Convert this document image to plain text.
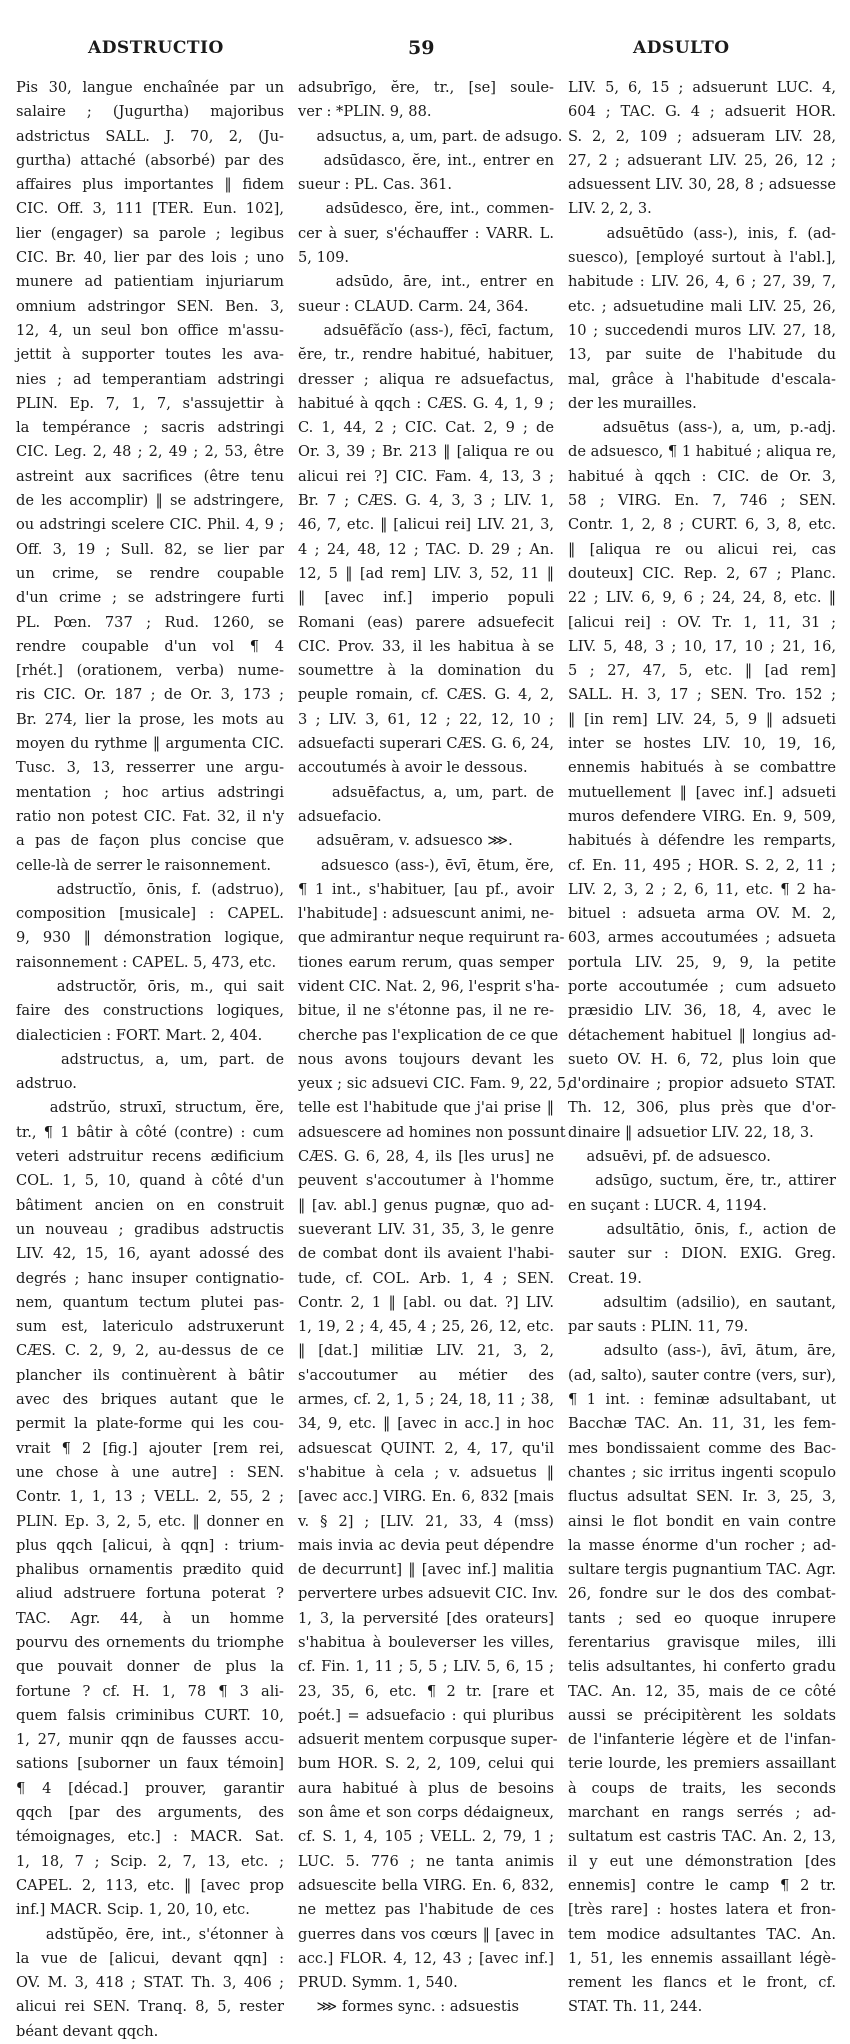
ADSTRUCTIO	59	ADSULTO
Pis 30, langue enchaînée par un
salaire ; (Jugurtha) majoribus
adstrictus SALL. J. 70, 2, (Ju-
gurtha) attaché (absorbé) par des
affaires plus importantes ‖ fidem
CIC. Off. 3, 111 [TER. Eun. 102],
lier (engager) sa parole ; legibus
CIC. Br. 40, lier par des lois ; uno
munere ad patientiam injuriarum
omnium adstringor SEN. Ben. 3,
12, 4, un seul bon office m'assu-
jettit à supporter toutes les ava-
nies ; ad temperantiam adstringi
PLIN. Ep. 7, 1, 7, s'assujettir à
la tempérance ; sacris adstringi
CIC. Leg. 2, 48 ; 2, 49 ; 2, 53, être
astreint aux sacrifices (être tenu
de les accomplir) ‖ se adstringere,
ou adstringi scelere CIC. Phil. 4, 9 ;
Off. 3, 19 ; Sull. 82, se lier par
un crime, se rendre coupable
d'un crime ; se adstringere furti
PL. Pœn. 737 ; Rud. 1260, se
rendre coupable d'un vol ¶ 4
[rhét.] (orationem, verba) nume-
ris CIC. Or. 187 ; de Or. 3, 173 ;
Br. 274, lier la prose, les mots au
moyen du rythme ‖ argumenta CIC.
Tusc. 3, 13, resserrer une argu-
mentation ; hoc artius adstringi
ratio non potest CIC. Fat. 32, il n'y
a pas de façon plus concise que
celle-là de serrer le raisonnement.
adstructĭo, ōnis, f. (adstruo),
composition [musicale] : CAPEL.
9, 930 ‖ démonstration logique,
raisonnement : CAPEL. 5, 473, etc.
adstructŏr, ōris, m., qui sait
faire des constructions logiques,
dialecticien : FORT. Mart. 2, 404.
adstructus, a, um, part. de
adstruo.
adstrŭo, struxī, structum, ĕre,
tr., ¶ 1 bâtir à côté (contre) : cum
veteri adstruitur recens ædificium
COL. 1, 5, 10, quand à côté d'un
bâtiment ancien on en construit
un nouveau ; gradibus adstructis
LIV. 42, 15, 16, ayant adossé des
degrés ; hanc insuper contignatio-
nem, quantum tectum plutei pas-
sum est, latericulo adstruxerunt
CÆS. C. 2, 9, 2, au-dessus de ce
plancher ils continuèrent à bâtir
avec des briques autant que le
permit la plate-forme qui les cou-
vrait ¶ 2 [fig.] ajouter [rem rei,
une chose à une autre] : SEN.
Contr. 1, 1, 13 ; VELL. 2, 55, 2 ;
PLIN. Ep. 3, 2, 5, etc. ‖ donner en
plus qqch [alicui, à qqn] : trium-
phalibus ornamentis prædito quid
aliud adstruere fortuna poterat ?
TAC. Agr. 44, à un homme
pourvu des ornements du triomphe
que pouvait donner de plus la
fortune ? cf. H. 1, 78 ¶ 3 ali-
quem falsis criminibus CURT. 10,
1, 27, munir qqn de fausses accu-
sations [suborner un faux témoin]
¶ 4 [décad.] prouver, garantir
qqch [par des arguments, des
témoignages, etc.] : MACR. Sat.
1, 18, 7 ; Scip. 2, 7, 13, etc. ;
CAPEL. 2, 113, etc. ‖ [avec prop
inf.] MACR. Scip. 1, 20, 10, etc.
adstŭpĕo, ēre, int., s'étonner à
la vue de [alicui, devant qqn] :
OV. M. 3, 418 ; STAT. Th. 3, 406 ;
alicui rei SEN. Tranq. 8, 5, rester
béant devant qqch.
adsubrīgo, ĕre, tr., [se] soule-
ver : *PLIN. 9, 88.
adsuctus, a, um, part. de adsugo.
adsūdasco, ĕre, int., entrer en
sueur : PL. Cas. 361.
adsūdesco, ĕre, int., commen-
cer à suer, s'échauffer : VARR. L.
5, 109.
adsūdo, āre, int., entrer en
sueur : CLAUD. Carm. 24, 364.
adsuēfăcĭo (ass-), fēcī, factum,
ĕre, tr., rendre habitué, habituer,
dresser ; aliqua re adsuefactus,
habitué à qqch : CÆS. G. 4, 1, 9 ;
C. 1, 44, 2 ; CIC. Cat. 2, 9 ; de
Or. 3, 39 ; Br. 213 ‖ [aliqua re ou
alicui rei ?] CIC. Fam. 4, 13, 3 ;
Br. 7 ; CÆS. G. 4, 3, 3 ; LIV. 1,
46, 7, etc. ‖ [alicui rei] LIV. 21, 3,
4 ; 24, 48, 12 ; TAC. D. 29 ; An.
12, 5 ‖ [ad rem] LIV. 3, 52, 11 ‖
‖ [avec inf.] imperio populi
Romani (eas) parere adsuefecit
CIC. Prov. 33, il les habitua à se
soumettre à la domination du
peuple romain, cf. CÆS. G. 4, 2,
3 ; LIV. 3, 61, 12 ; 22, 12, 10 ;
adsuefacti superari CÆS. G. 6, 24,
accoutumés à avoir le dessous.
adsuēfactus, a, um, part. de
adsuefacio.
adsuēram, v. adsuesco ⋙.
adsuesco (ass-), ēvī, ētum, ĕre,
¶ 1 int., s'habituer, [au pf., avoir
l'habitude] : adsuescunt animi, ne-
que admirantur neque requirunt ra-
tiones earum rerum, quas semper
vident CIC. Nat. 2, 96, l'esprit s'ha-
bitue, il ne s'étonne pas, il ne re-
cherche pas l'explication de ce que
nous avons toujours devant les
yeux ; sic adsuevi CIC. Fam. 9, 22, 5,
telle est l'habitude que j'ai prise ‖
adsuescere ad homines non possunt
CÆS. G. 6, 28, 4, ils [les urus] ne
peuvent s'accoutumer à l'homme
‖ [av. abl.] genus pugnæ, quo ad-
sueverant LIV. 31, 35, 3, le genre
de combat dont ils avaient l'habi-
tude, cf. COL. Arb. 1, 4 ; SEN.
Contr. 2, 1 ‖ [abl. ou dat. ?] LIV.
1, 19, 2 ; 4, 45, 4 ; 25, 26, 12, etc.
‖ [dat.] militiæ LIV. 21, 3, 2,
s'accoutumer au métier des
armes, cf. 2, 1, 5 ; 24, 18, 11 ; 38,
34, 9, etc. ‖ [avec in acc.] in hoc
adsuescat QUINT. 2, 4, 17, qu'il
s'habitue à cela ; v. adsuetus ‖
[avec acc.] VIRG. En. 6, 832 [mais
v. § 2] ; [LIV. 21, 33, 4 (mss)
mais invia ac devia peut dépendre
de decurrunt] ‖ [avec inf.] malitia
pervertere urbes adsuevit CIC. Inv.
1, 3, la perversité [des orateurs]
s'habitua à bouleverser les villes,
cf. Fin. 1, 11 ; 5, 5 ; LIV. 5, 6, 15 ;
23, 35, 6, etc. ¶ 2 tr. [rare et
poét.] = adsuefacio : qui pluribus
adsuerit mentem corpusque super-
bum HOR. S. 2, 2, 109, celui qui
aura habitué à plus de besoins
son âme et son corps dédaigneux,
cf. S. 1, 4, 105 ; VELL. 2, 79, 1 ;
LUC. 5. 776 ; ne tanta animis
adsuescite bella VIRG. En. 6, 832,
ne mettez pas l'habitude de ces
guerres dans vos cœurs ‖ [avec in
acc.] FLOR. 4, 12, 43 ; [avec inf.]
PRUD. Symm. 1, 540.
⋙ formes sync. : adsuestis
LIV. 5, 6, 15 ; adsuerunt LUC. 4,
604 ; TAC. G. 4 ; adsuerit HOR.
S. 2, 2, 109 ; adsueram LIV. 28,
27, 2 ; adsuerant LIV. 25, 26, 12 ;
adsuessent LIV. 30, 28, 8 ; adsuesse
LIV. 2, 2, 3.
adsuētūdo (ass-), inis, f. (ad-
suesco), [employé surtout à l'abl.],
habitude : LIV. 26, 4, 6 ; 27, 39, 7,
etc. ; adsuetudine mali LIV. 25, 26,
10 ; succedendi muros LIV. 27, 18,
13, par suite de l'habitude du
mal, grâce à l'habitude d'escala-
der les murailles.
adsuētus (ass-), a, um, p.-adj.
de adsuesco, ¶ 1 habitué ; aliqua re,
habitué à qqch : CIC. de Or. 3,
58 ; VIRG. En. 7, 746 ; SEN.
Contr. 1, 2, 8 ; CURT. 6, 3, 8, etc.
‖ [aliqua re ou alicui rei, cas
douteux] CIC. Rep. 2, 67 ; Planc.
22 ; LIV. 6, 9, 6 ; 24, 24, 8, etc. ‖
[alicui rei] : OV. Tr. 1, 11, 31 ;
LIV. 5, 48, 3 ; 10, 17, 10 ; 21, 16,
5 ; 27, 47, 5, etc. ‖ [ad rem]
SALL. H. 3, 17 ; SEN. Tro. 152 ;
‖ [in rem] LIV. 24, 5, 9 ‖ adsueti
inter se hostes LIV. 10, 19, 16,
ennemis habitués à se combattre
mutuellement ‖ [avec inf.] adsueti
muros defendere VIRG. En. 9, 509,
habitués à défendre les remparts,
cf. En. 11, 495 ; HOR. S. 2, 2, 11 ;
LIV. 2, 3, 2 ; 2, 6, 11, etc. ¶ 2 ha-
bituel : adsueta arma OV. M. 2,
603, armes accoutumées ; adsueta
portula LIV. 25, 9, 9, la petite
porte accoutumée ; cum adsueto
præsidio LIV. 36, 18, 4, avec le
détachement habituel ‖ longius ad-
sueto OV. H. 6, 72, plus loin que
d'ordinaire ; propior adsueto STAT.
Th. 12, 306, plus près que d'or-
dinaire ‖ adsuetior LIV. 22, 18, 3.
adsuēvi, pf. de adsuesco.
adsūgo, suctum, ĕre, tr., attirer
en suçant : LUCR. 4, 1194.
adsultātio, ōnis, f., action de
sauter sur : DION. EXIG. Greg.
Creat. 19.
adsultim (adsilio), en sautant,
par sauts : PLIN. 11, 79.
adsulto (ass-), āvī, ātum, āre,
(ad, salto), sauter contre (vers, sur),
¶ 1 int. : feminæ adsultabant, ut
Bacchæ TAC. An. 11, 31, les fem-
mes bondissaient comme des Bac-
chantes ; sic irritus ingenti scopulo
fluctus adsultat SEN. Ir. 3, 25, 3,
ainsi le flot bondit en vain contre
la masse énorme d'un rocher ; ad-
sultare tergis pugnantium TAC. Agr.
26, fondre sur le dos des combat-
tants ; sed eo quoque inrupere
ferentarius gravisque miles, illi
telis adsultantes, hi conferto gradu
TAC. An. 12, 35, mais de ce côté
aussi se précipitèrent les soldats
de l'infanterie légère et de l'infan-
terie lourde, les premiers assaillant
à coups de traits, les seconds
marchant en rangs serrés ; ad-
sultatum est castris TAC. An. 2, 13,
il y eut une démonstration [des
ennemis] contre le camp ¶ 2 tr.
[très rare] : hostes latera et fron-
tem modice adsultantes TAC. An.
1, 51, les ennemis assaillant légè-
rement les flancs et le front, cf.
STAT. Th. 11, 244.
